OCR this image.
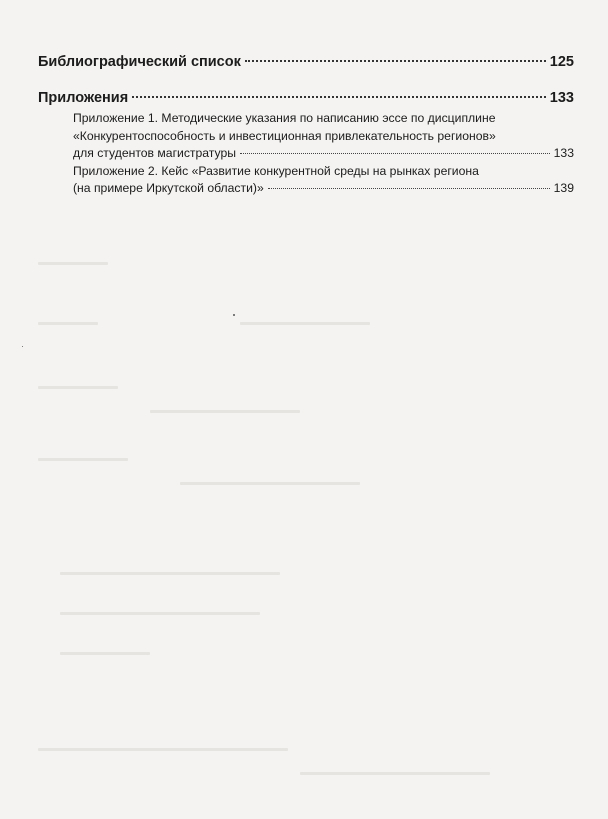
Библиографический список	125
Приложения	133
Приложение 1. Методические указания по написанию эссе по дисциплине
«Конкурентоспособность и инвестиционная привлекательность регионов»
для студентов магистратуры	133
Приложение 2. Кейс «Развитие конкурентной среды на рынках региона
(на примере Иркутской области)»	139
